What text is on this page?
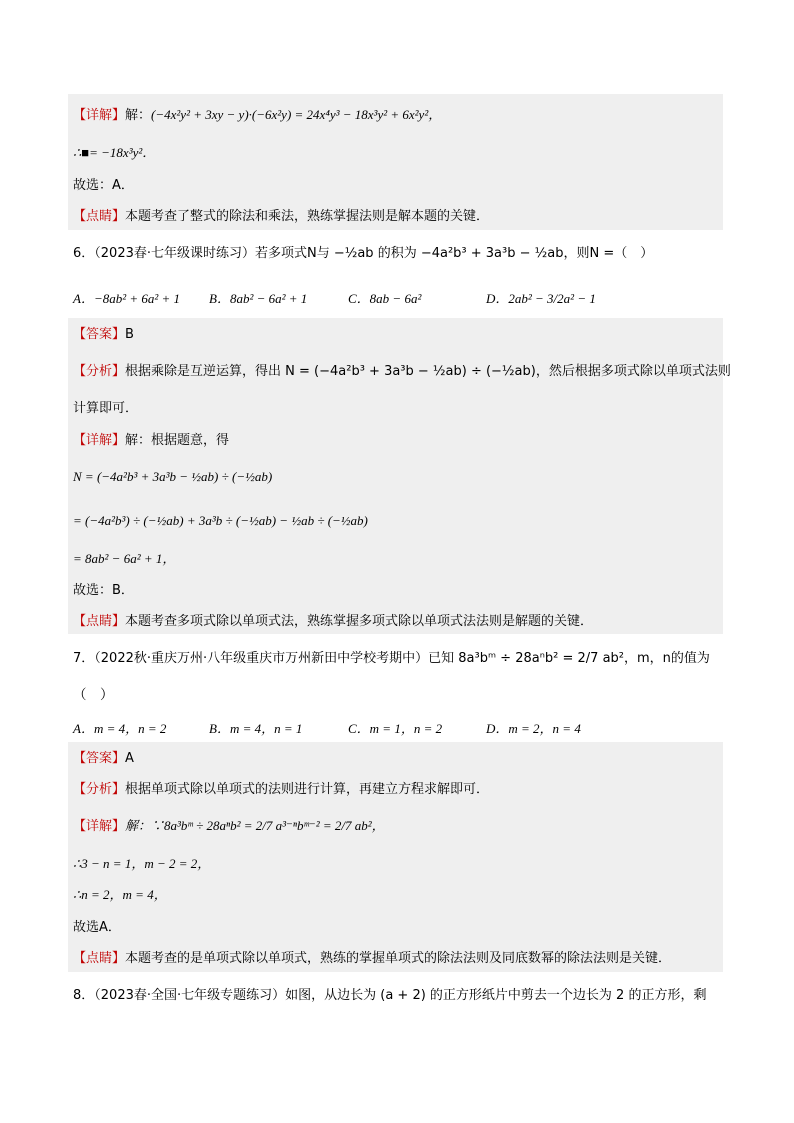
【详解】解：(−4x²y² + 3xy − y)·(−6x²y) = 24x⁴y³ − 18x³y² + 6x²y²，
∴■= −18x³y²．
故选：A．
【点睛】本题考查了整式的除法和乘法，熟练掌握法则是解本题的关键．
6．（2023春·七年级课时练习）若多项式N与 −½ab 的积为 −4a²b³ + 3a³b − ½ab，则N =（　）
A．−8ab² + 6a² + 1 B．8ab² − 6a² + 1	C．8ab − 6a²	D．2ab² − 3/2a² − 1
【答案】B
【分析】根据乘除是互逆运算，得出 N = (−4a²b³ + 3a³b − ½ab) ÷ (−½ab)，然后根据多项式除以单项式法则
计算即可．
【详解】解：根据题意，得
N = (−4a²b³ + 3a³b − ½ab) ÷ (−½ab)
= (−4a²b³) ÷ (−½ab) + 3a³b ÷ (−½ab) − ½ab ÷ (−½ab)
= 8ab² − 6a² + 1，
故选：B．
【点睛】本题考查多项式除以单项式法，熟练掌握多项式除以单项式法法则是解题的关键．
7．（2022秋·重庆万州·八年级重庆市万州新田中学校考期中）已知 8a³bᵐ ÷ 28aⁿb² = 2/7 ab²，m，n的值为
（　）
A．m = 4，n = 2	B．m = 4，n = 1	C．m = 1，n = 2	D．m = 2，n = 4
【答案】A
【分析】根据单项式除以单项式的法则进行计算，再建立方程求解即可．
【详解】解：∵8a³bᵐ ÷ 28aⁿb² = 2/7 a³⁻ⁿbᵐ⁻² = 2/7 ab²，
∴3 − n = 1，m − 2 = 2，
∴n = 2，m = 4，
故选A．
【点睛】本题考查的是单项式除以单项式，熟练的掌握单项式的除法法则及同底数幂的除法法则是关键．
8．（2023春·全国·七年级专题练习）如图，从边长为 (a + 2) 的正方形纸片中剪去一个边长为 2 的正方形，剩
